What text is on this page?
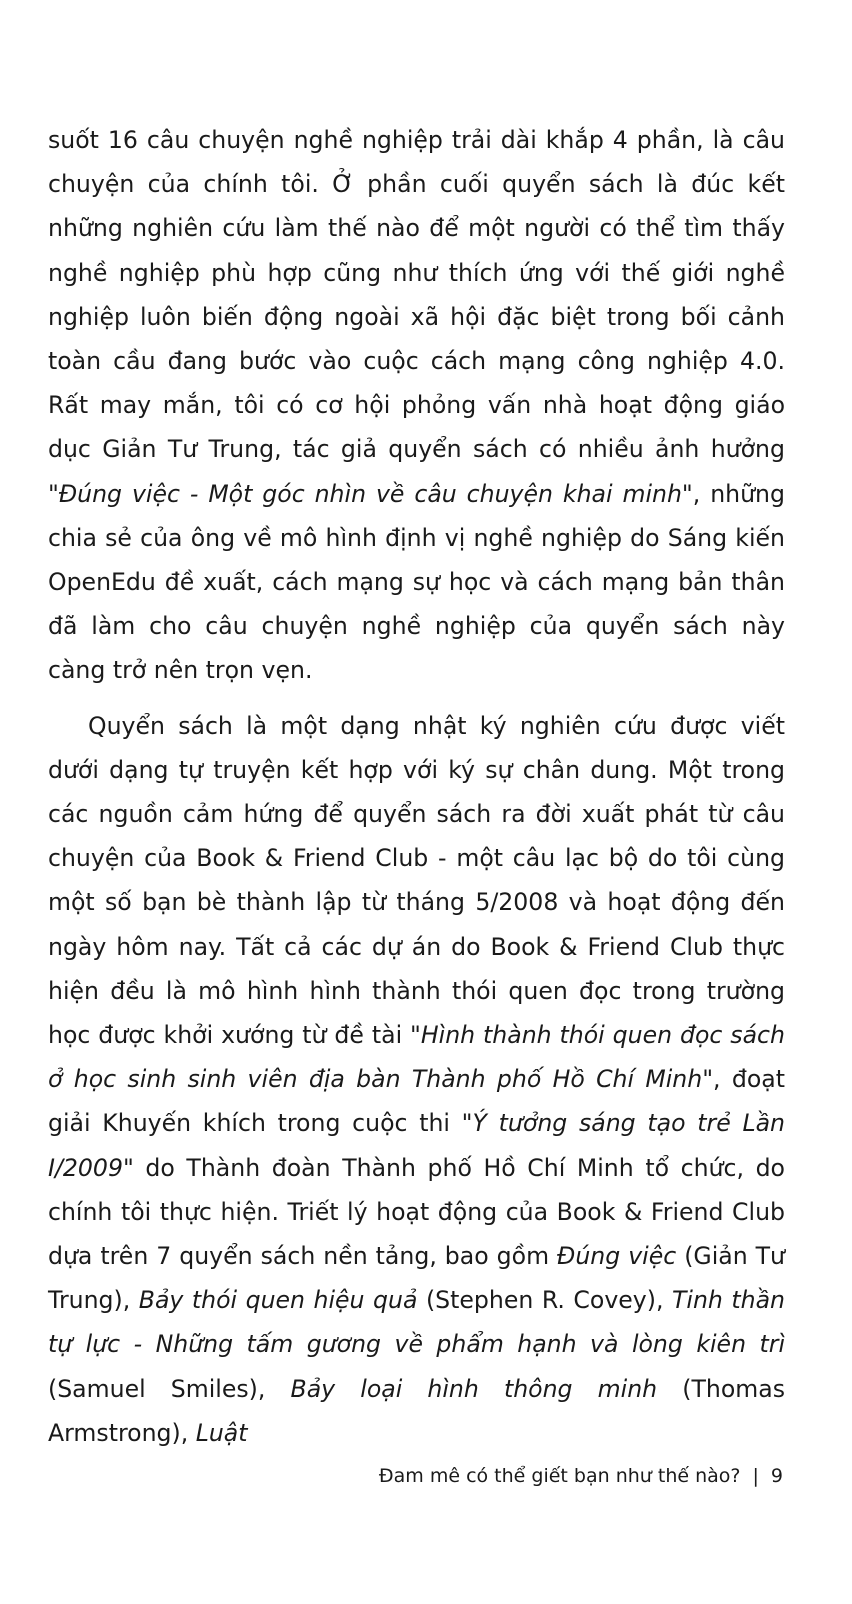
suốt 16 câu chuyện nghề nghiệp trải dài khắp 4 phần, là câu chuyện của chính tôi. Ở phần cuối quyển sách là đúc kết những nghiên cứu làm thế nào để một người có thể tìm thấy nghề nghiệp phù hợp cũng như thích ứng với thế giới nghề nghiệp luôn biến động ngoài xã hội đặc biệt trong bối cảnh toàn cầu đang bước vào cuộc cách mạng công nghiệp 4.0. Rất may mắn, tôi có cơ hội phỏng vấn nhà hoạt động giáo dục Giản Tư Trung, tác giả quyển sách có nhiều ảnh hưởng "Đúng việc - Một góc nhìn về câu chuyện khai minh", những chia sẻ của ông về mô hình định vị nghề nghiệp do Sáng kiến OpenEdu đề xuất, cách mạng sự học và cách mạng bản thân đã làm cho câu chuyện nghề nghiệp của quyển sách này càng trở nên trọn vẹn.

Quyển sách là một dạng nhật ký nghiên cứu được viết dưới dạng tự truyện kết hợp với ký sự chân dung. Một trong các nguồn cảm hứng để quyển sách ra đời xuất phát từ câu chuyện của Book & Friend Club - một câu lạc bộ do tôi cùng một số bạn bè thành lập từ tháng 5/2008 và hoạt động đến ngày hôm nay. Tất cả các dự án do Book & Friend Club thực hiện đều là mô hình hình thành thói quen đọc trong trường học được khởi xướng từ đề tài "Hình thành thói quen đọc sách ở học sinh sinh viên địa bàn Thành phố Hồ Chí Minh", đoạt giải Khuyến khích trong cuộc thi "Ý tưởng sáng tạo trẻ Lần I/2009" do Thành đoàn Thành phố Hồ Chí Minh tổ chức, do chính tôi thực hiện. Triết lý hoạt động của Book & Friend Club dựa trên 7 quyển sách nền tảng, bao gồm Đúng việc (Giản Tư Trung), Bảy thói quen hiệu quả (Stephen R. Covey), Tinh thần tự lực - Những tấm gương về phẩm hạnh và lòng kiên trì (Samuel Smiles), Bảy loại hình thông minh (Thomas Armstrong), Luật

Đam mê có thể giết bạn như thế nào? | 9
